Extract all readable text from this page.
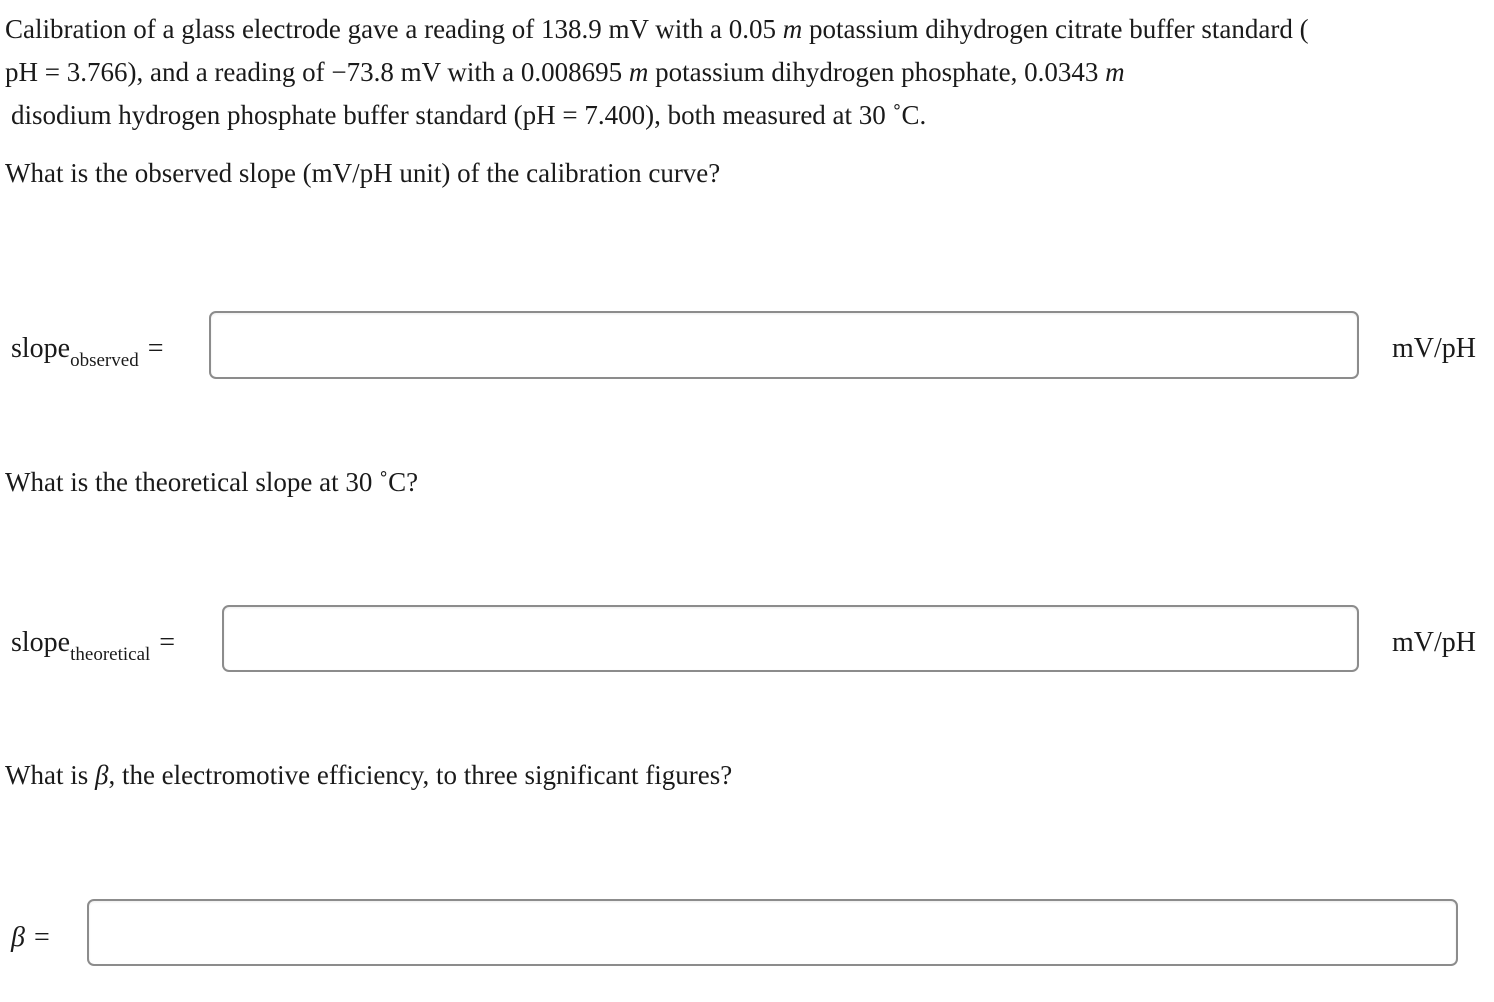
Calibration of a glass electrode gave a reading of 138.9 mV with a 0.05 m potassium dihydrogen citrate buffer standard (
pH = 3.766), and a reading of −73.8 mV with a 0.008695 m potassium dihydrogen phosphate, 0.0343 m
disodium hydrogen phosphate buffer standard (pH = 7.400), both measured at 30 ˚C.
What is the observed slope (mV/pH unit) of the calibration curve?
slope$_{observed}$ =	mV/pH
What is the theoretical slope at 30 ˚C?
slope$_{theoretical}$ =	mV/pH
What is β, the electromotive efficiency, to three significant figures?
β =
